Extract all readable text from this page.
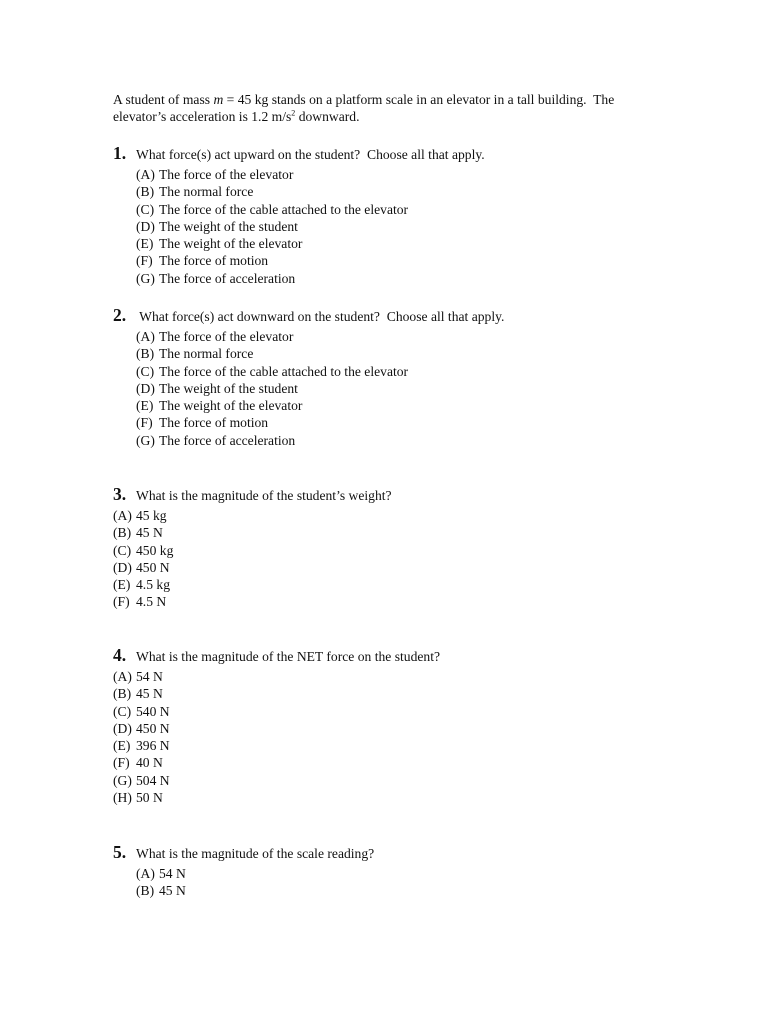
A student of mass m = 45 kg stands on a platform scale in an elevator in a tall building.  The
elevator’s acceleration is 1.2 $m/s^2$ downward.

1. What force(s) act upward on the student?  Choose all that apply.
(A) The force of the elevator
(B) The normal force
(C) The force of the cable attached to the elevator
(D) The weight of the student
(E) The weight of the elevator
(F) The force of motion
(G) The force of acceleration
2. What force(s) act downward on the student?  Choose all that apply.
(A) The force of the elevator
(B) The normal force
(C) The force of the cable attached to the elevator
(D) The weight of the student
(E) The weight of the elevator
(F) The force of motion
(G) The force of acceleration
3. What is the magnitude of the student’s weight?
(A) 45 kg
(B) 45 N
(C) 450 kg
(D) 450 N
(E) 4.5 kg
(F) 4.5 N
4. What is the magnitude of the NET force on the student?
(A) 54 N
(B) 45 N
(C) 540 N
(D) 450 N
(E) 396 N
(F) 40 N
(G) 504 N
(H) 50 N
5. What is the magnitude of the scale reading?
(A) 54 N
(B) 45 N
